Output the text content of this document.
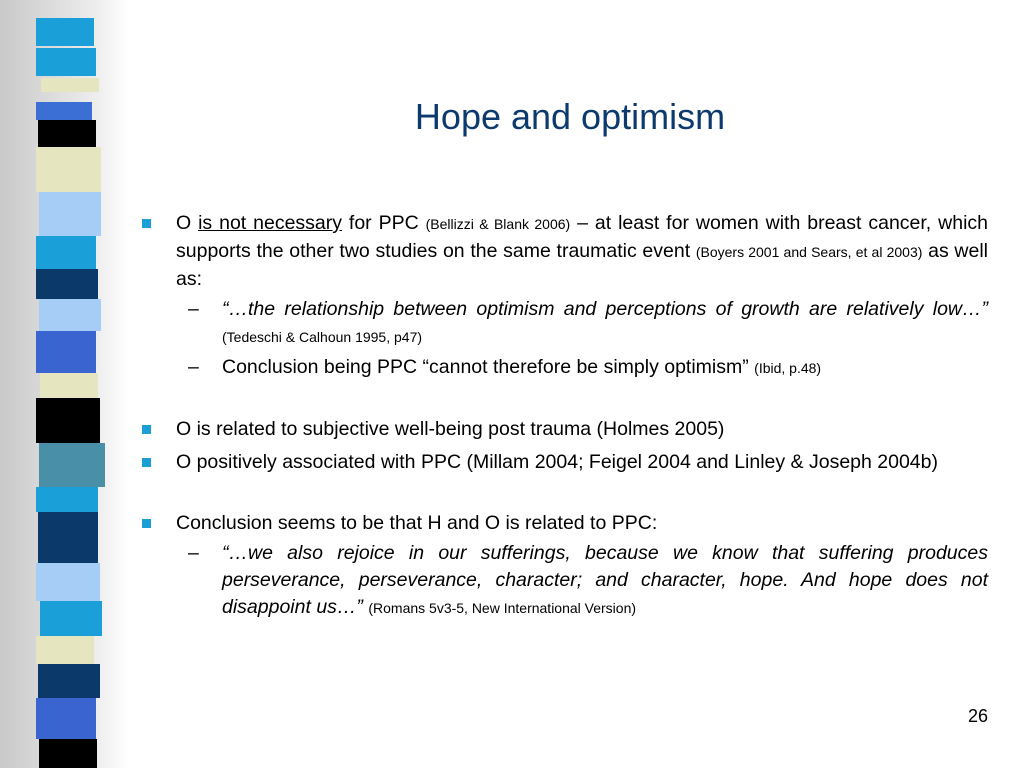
Hope and optimism

O is not necessary for PPC (Bellizzi & Blank 2006) – at least for women with breast cancer, which supports the other two studies on the same traumatic event (Boyers 2001 and Sears, et al 2003) as well as:

– “…the relationship between optimism and perceptions of growth are relatively low…” (Tedeschi & Calhoun 1995, p47)

– Conclusion being PPC “cannot therefore be simply optimism” (Ibid, p.48)

O is related to subjective well-being post trauma (Holmes 2005)

O positively associated with PPC (Millam 2004; Feigel 2004 and Linley & Joseph 2004b)

Conclusion seems to be that H and O is related to PPC:

– “…we also rejoice in our sufferings, because we know that suffering produces perseverance, perseverance, character; and character, hope. And hope does not disappoint us…” (Romans 5v3-5, New International Version)

26
